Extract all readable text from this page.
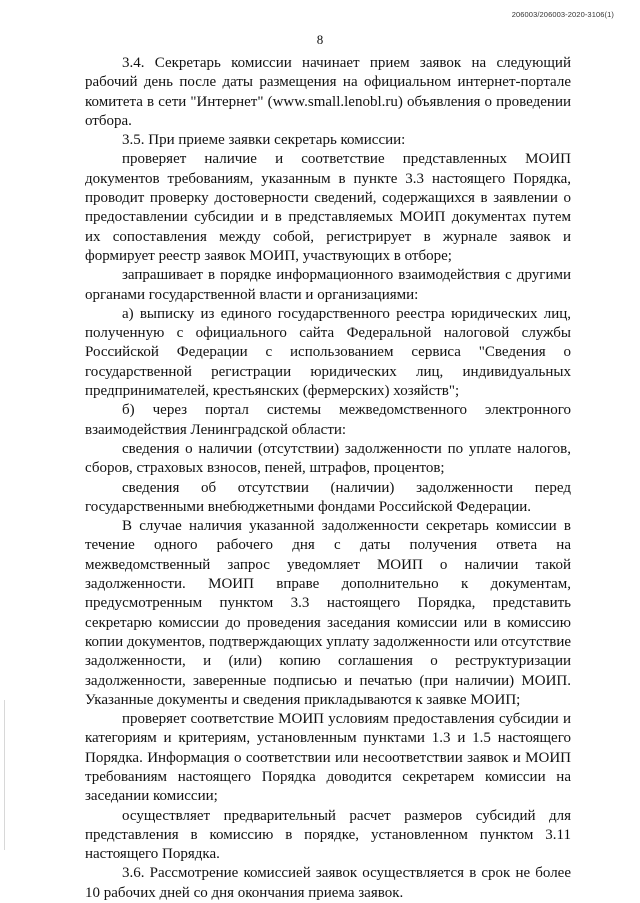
206003/206003-2020-3106(1)
8

3.4. Секретарь комиссии начинает прием заявок на следующий рабочий день после даты размещения на официальном интернет-портале комитета в сети "Интернет" (www.small.lenobl.ru) объявления о проведении отбора.

3.5. При приеме заявки секретарь комиссии:

проверяет наличие и соответствие представленных МОИП документов требованиям, указанным в пункте 3.3 настоящего Порядка, проводит проверку достоверности сведений, содержащихся в заявлении о предоставлении субсидии и в представляемых МОИП документах путем их сопоставления между собой, регистрирует в журнале заявок и формирует реестр заявок МОИП, участвующих в отборе;

запрашивает в порядке информационного взаимодействия с другими органами государственной власти и организациями:

а) выписку из единого государственного реестра юридических лиц, полученную с официального сайта Федеральной налоговой службы Российской Федерации с использованием сервиса "Сведения о государственной регистрации юридических лиц, индивидуальных предпринимателей, крестьянских (фермерских) хозяйств";

б) через портал системы межведомственного электронного взаимодействия Ленинградской области:

сведения о наличии (отсутствии) задолженности по уплате налогов, сборов, страховых взносов, пеней, штрафов, процентов;

сведения об отсутствии (наличии) задолженности перед государственными внебюджетными фондами Российской Федерации.

В случае наличия указанной задолженности секретарь комиссии в течение одного рабочего дня с даты получения ответа на межведомственный запрос уведомляет МОИП о наличии такой задолженности. МОИП вправе дополнительно к документам, предусмотренным пунктом 3.3 настоящего Порядка, представить секретарю комиссии до проведения заседания комиссии или в комиссию копии документов, подтверждающих уплату задолженности или отсутствие задолженности, и (или) копию соглашения о реструктуризации задолженности, заверенные подписью и печатью (при наличии) МОИП. Указанные документы и сведения прикладываются к заявке МОИП;

проверяет соответствие МОИП условиям предоставления субсидии и категориям и критериям, установленным пунктами 1.3 и 1.5 настоящего Порядка. Информация о соответствии или несоответствии заявок и МОИП требованиям настоящего Порядка доводится секретарем комиссии на заседании комиссии;

осуществляет предварительный расчет размеров субсидий для представления в комиссию в порядке, установленном пунктом 3.11 настоящего Порядка.

3.6. Рассмотрение комиссией заявок осуществляется в срок не более 10 рабочих дней со дня окончания приема заявок.
